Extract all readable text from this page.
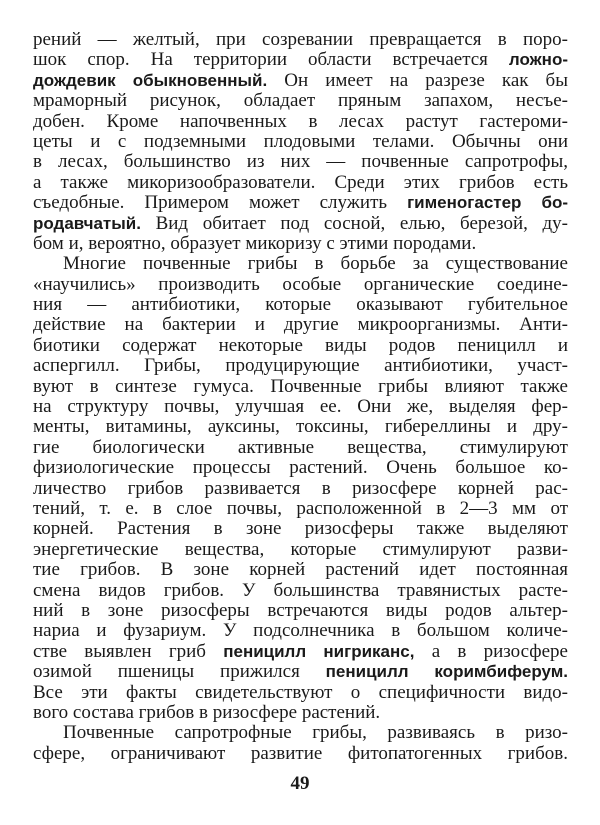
рений — желтый, при созревании превращается в поро-
шок спор. На территории области встречается ложно-
дождевик обыкновенный. Он имеет на разрезе как бы
мраморный рисунок, обладает пряным запахом, несъе-
добен. Кроме напочвенных в лесах растут гастероми-
цеты и с подземными плодовыми телами. Обычны они
в лесах, большинство из них — почвенные сапротрофы,
а также микоризообразователи. Среди этих грибов есть
съедобные. Примером может служить гименогастер бо-
родавчатый. Вид обитает под сосной, елью, березой, ду-
бом и, вероятно, образует микоризу с этими породами.
Многие почвенные грибы в борьбе за существование
«научились» производить особые органические соедине-
ния — антибиотики, которые оказывают губительное
действие на бактерии и другие микроорганизмы. Анти-
биотики содержат некоторые виды родов пеницилл и
аспергилл. Грибы, продуцирующие антибиотики, участ-
вуют в синтезе гумуса. Почвенные грибы влияют также
на структуру почвы, улучшая ее. Они же, выделяя фер-
менты, витамины, ауксины, токсины, гибереллины и дру-
гие биологически активные вещества, стимулируют
физиологические процессы растений. Очень большое ко-
личество грибов развивается в ризосфере корней рас-
тений, т. е. в слое почвы, расположенной в 2—3 мм от
корней. Растения в зоне ризосферы также выделяют
энергетические вещества, которые стимулируют разви-
тие грибов. В зоне корней растений идет постоянная
смена видов грибов. У большинства травянистых расте-
ний в зоне ризосферы встречаются виды родов альтер-
нариа и фузариум. У подсолнечника в большом количе-
стве выявлен гриб пеницилл нигриканс, а в ризосфере
озимой пшеницы прижился пеницилл коримбиферум.
Все эти факты свидетельствуют о специфичности видо-
вого состава грибов в ризосфере растений.
Почвенные сапротрофные грибы, развиваясь в ризо-
сфере, ограничивают развитие фитопатогенных грибов.
49
